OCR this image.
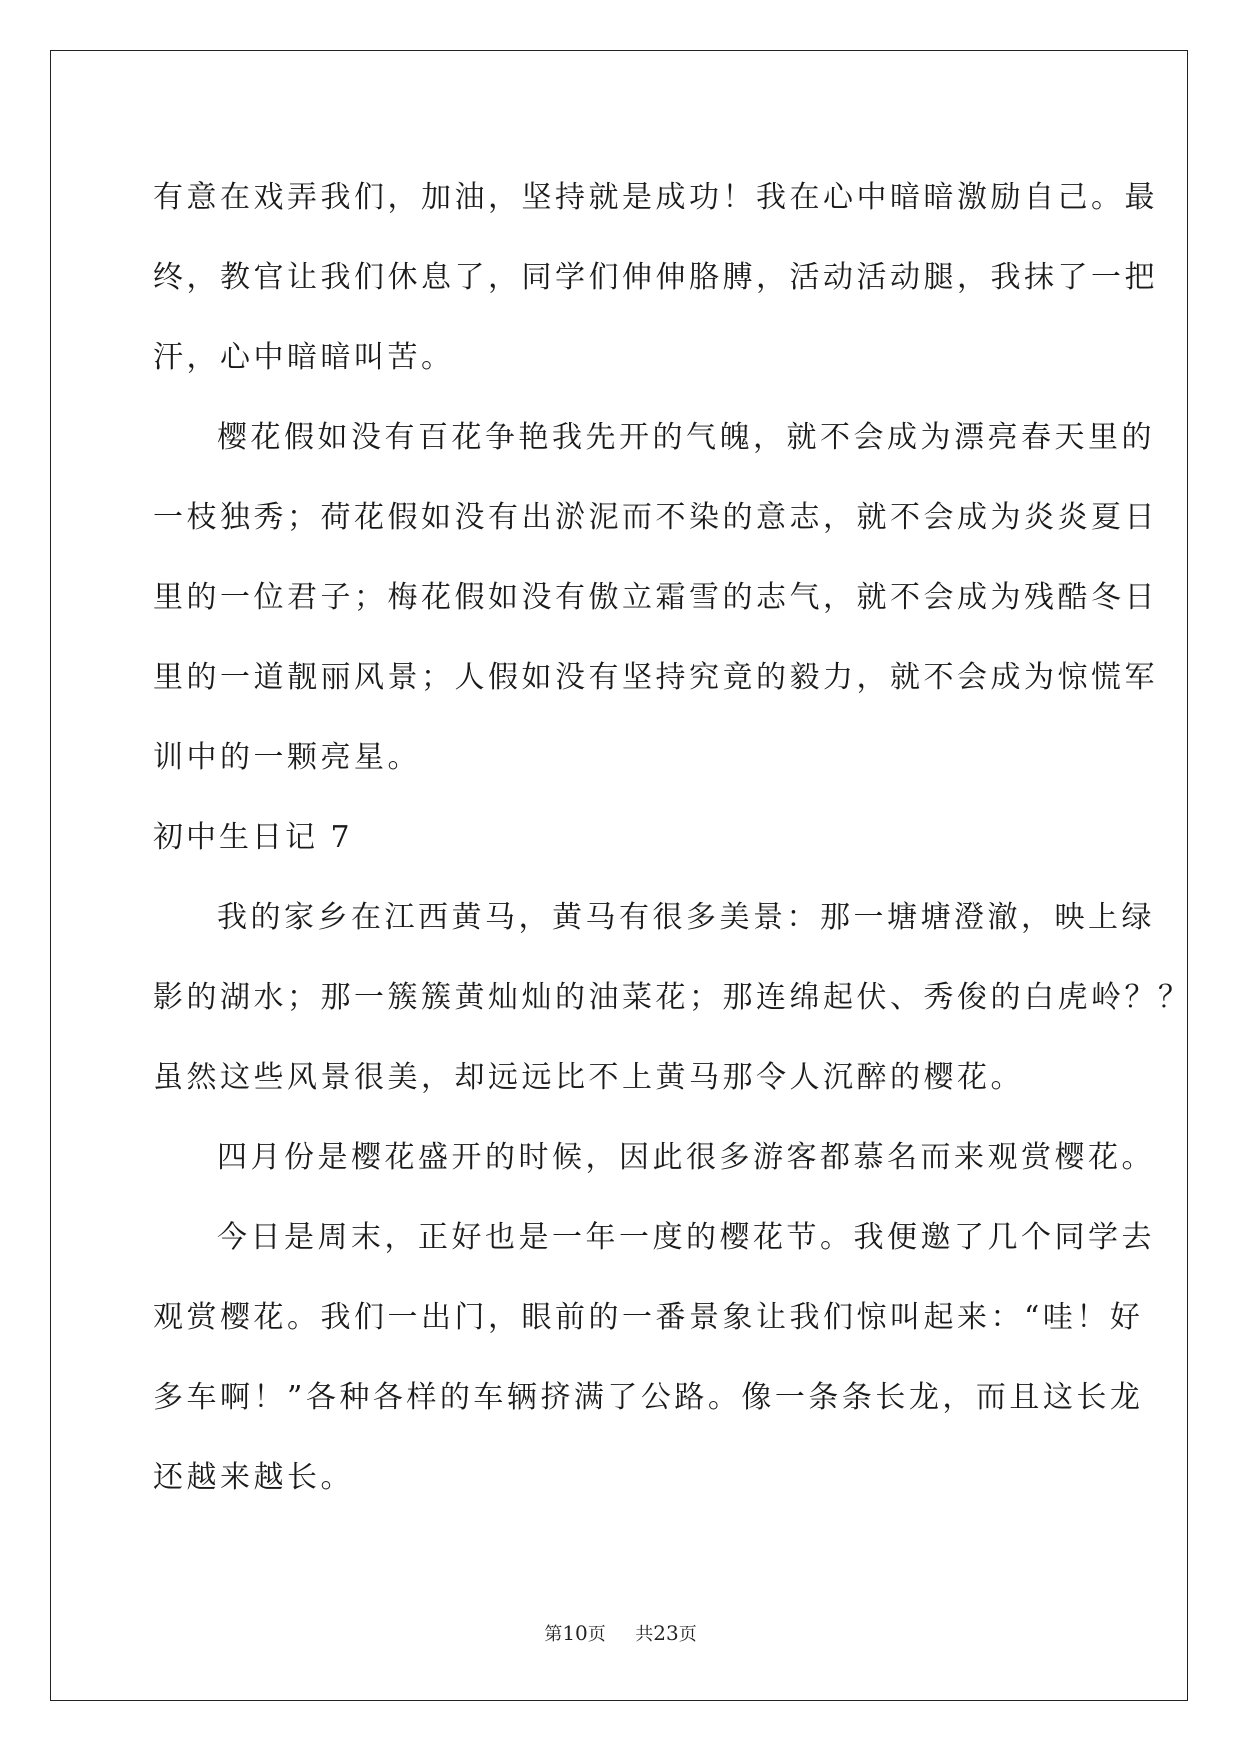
有意在戏弄我们，加油，坚持就是成功！我在心中暗暗激励自己。最
终，教官让我们休息了，同学们伸伸胳膊，活动活动腿，我抹了一把
汗，心中暗暗叫苦。
樱花假如没有百花争艳我先开的气魄，就不会成为漂亮春天里的
一枝独秀；荷花假如没有出淤泥而不染的意志，就不会成为炎炎夏日
里的一位君子；梅花假如没有傲立霜雪的志气，就不会成为残酷冬日
里的一道靓丽风景；人假如没有坚持究竟的毅力，就不会成为惊慌军
训中的一颗亮星。
初中生日记 7
我的家乡在江西黄马，黄马有很多美景：那一塘塘澄澈，映上绿
影的湖水；那一簇簇黄灿灿的油菜花；那连绵起伏、秀俊的白虎岭？？
虽然这些风景很美，却远远比不上黄马那令人沉醉的樱花。
四月份是樱花盛开的时候，因此很多游客都慕名而来观赏樱花。
今日是周末，正好也是一年一度的樱花节。我便邀了几个同学去
观赏樱花。我们一出门，眼前的一番景象让我们惊叫起来：“哇！好
多车啊！”各种各样的车辆挤满了公路。像一条条长龙，而且这长龙
还越来越长。
第10页 共23页
